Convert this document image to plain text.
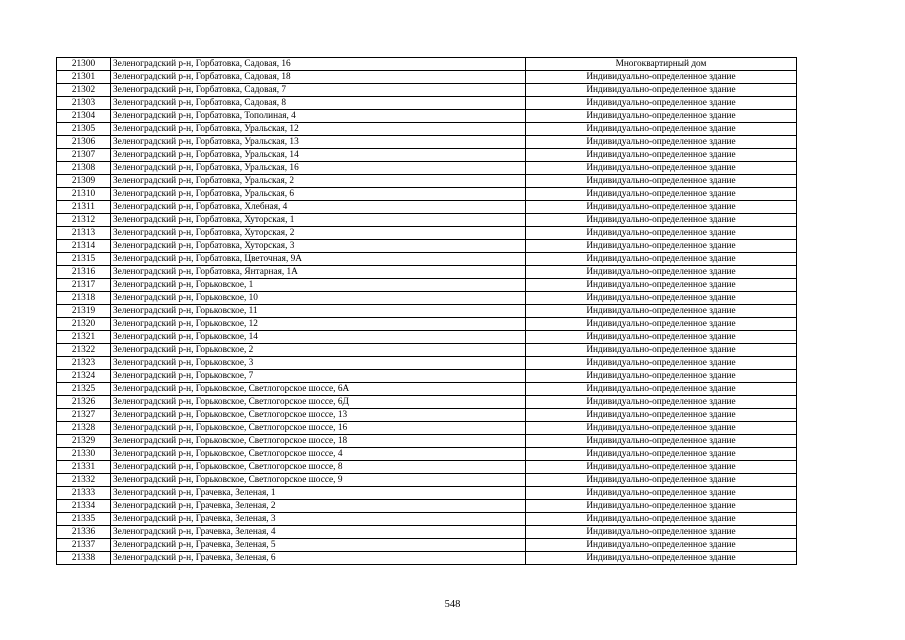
21300	Зеленоградский р-н, Горбатовка, Садовая, 16	Многоквартирный дом
21301	Зеленоградский р-н, Горбатовка, Садовая, 18	Индивидуально-определенное здание
21302	Зеленоградский р-н, Горбатовка, Садовая, 7	Индивидуально-определенное здание
21303	Зеленоградский р-н, Горбатовка, Садовая, 8	Индивидуально-определенное здание
21304	Зеленоградский р-н, Горбатовка, Тополиная, 4	Индивидуально-определенное здание
21305	Зеленоградский р-н, Горбатовка, Уральская, 12	Индивидуально-определенное здание
21306	Зеленоградский р-н, Горбатовка, Уральская, 13	Индивидуально-определенное здание
21307	Зеленоградский р-н, Горбатовка, Уральская, 14	Индивидуально-определенное здание
21308	Зеленоградский р-н, Горбатовка, Уральская, 16	Индивидуально-определенное здание
21309	Зеленоградский р-н, Горбатовка, Уральская, 2	Индивидуально-определенное здание
21310	Зеленоградский р-н, Горбатовка, Уральская, 6	Индивидуально-определенное здание
21311	Зеленоградский р-н, Горбатовка, Хлебная, 4	Индивидуально-определенное здание
21312	Зеленоградский р-н, Горбатовка, Хуторская, 1	Индивидуально-определенное здание
21313	Зеленоградский р-н, Горбатовка, Хуторская, 2	Индивидуально-определенное здание
21314	Зеленоградский р-н, Горбатовка, Хуторская, 3	Индивидуально-определенное здание
21315	Зеленоградский р-н, Горбатовка, Цветочная, 9А	Индивидуально-определенное здание
21316	Зеленоградский р-н, Горбатовка, Янтарная, 1А	Индивидуально-определенное здание
21317	Зеленоградский р-н, Горьковское, 1	Индивидуально-определенное здание
21318	Зеленоградский р-н, Горьковское, 10	Индивидуально-определенное здание
21319	Зеленоградский р-н, Горьковское, 11	Индивидуально-определенное здание
21320	Зеленоградский р-н, Горьковское, 12	Индивидуально-определенное здание
21321	Зеленоградский р-н, Горьковское, 14	Индивидуально-определенное здание
21322	Зеленоградский р-н, Горьковское, 2	Индивидуально-определенное здание
21323	Зеленоградский р-н, Горьковское, 3	Индивидуально-определенное здание
21324	Зеленоградский р-н, Горьковское, 7	Индивидуально-определенное здание
21325	Зеленоградский р-н, Горьковское, Светлогорское шоссе, 6А	Индивидуально-определенное здание
21326	Зеленоградский р-н, Горьковское, Светлогорское шоссе, 6Д	Индивидуально-определенное здание
21327	Зеленоградский р-н, Горьковское, Светлогорское шоссе, 13	Индивидуально-определенное здание
21328	Зеленоградский р-н, Горьковское, Светлогорское шоссе, 16	Индивидуально-определенное здание
21329	Зеленоградский р-н, Горьковское, Светлогорское шоссе, 18	Индивидуально-определенное здание
21330	Зеленоградский р-н, Горьковское, Светлогорское шоссе, 4	Индивидуально-определенное здание
21331	Зеленоградский р-н, Горьковское, Светлогорское шоссе, 8	Индивидуально-определенное здание
21332	Зеленоградский р-н, Горьковское, Светлогорское шоссе, 9	Индивидуально-определенное здание
21333	Зеленоградский р-н, Грачевка, Зеленая, 1	Индивидуально-определенное здание
21334	Зеленоградский р-н, Грачевка, Зеленая, 2	Индивидуально-определенное здание
21335	Зеленоградский р-н, Грачевка, Зеленая, 3	Индивидуально-определенное здание
21336	Зеленоградский р-н, Грачевка, Зеленая, 4	Индивидуально-определенное здание
21337	Зеленоградский р-н, Грачевка, Зеленая, 5	Индивидуально-определенное здание
21338	Зеленоградский р-н, Грачевка, Зеленая, 6	Индивидуально-определенное здание
548
